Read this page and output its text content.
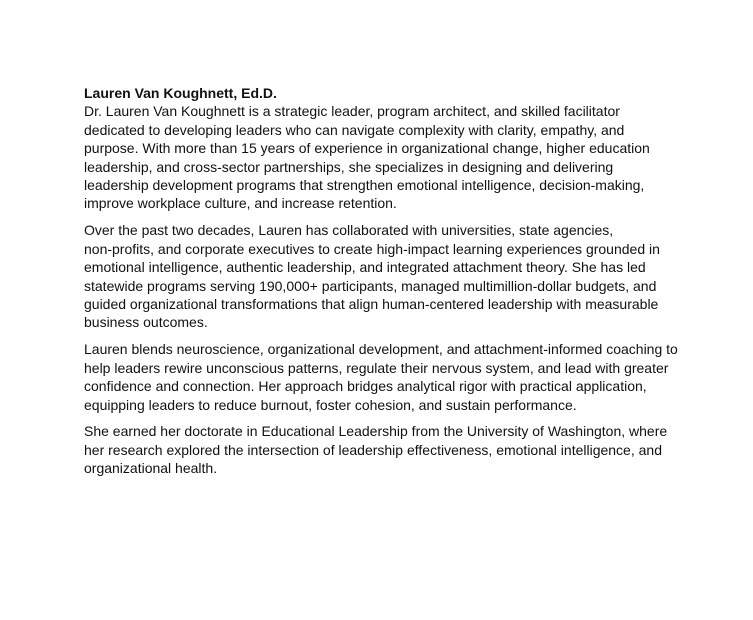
Lauren Van Koughnett, Ed.D.

Dr. Lauren Van Koughnett is a strategic leader, program architect, and skilled facilitator
dedicated to developing leaders who can navigate complexity with clarity, empathy, and
purpose. With more than 15 years of experience in organizational change, higher education
leadership, and cross-sector partnerships, she specializes in designing and delivering
leadership development programs that strengthen emotional intelligence, decision-making,
improve workplace culture, and increase retention.

Over the past two decades, Lauren has collaborated with universities, state agencies,
non-profits, and corporate executives to create high-impact learning experiences grounded in
emotional intelligence, authentic leadership, and integrated attachment theory. She has led
statewide programs serving 190,000+ participants, managed multimillion-dollar budgets, and
guided organizational transformations that align human-centered leadership with measurable
business outcomes.

Lauren blends neuroscience, organizational development, and attachment-informed coaching to
help leaders rewire unconscious patterns, regulate their nervous system, and lead with greater
confidence and connection. Her approach bridges analytical rigor with practical application,
equipping leaders to reduce burnout, foster cohesion, and sustain performance.

She earned her doctorate in Educational Leadership from the University of Washington, where
her research explored the intersection of leadership effectiveness, emotional intelligence, and
organizational health.
